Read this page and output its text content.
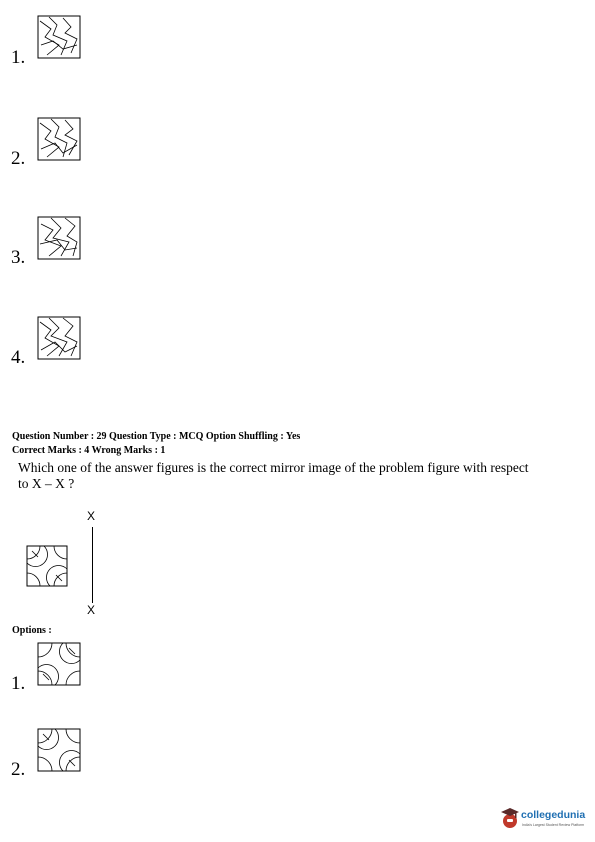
1.
2.
3.
4.
Question Number : 29 Question Type : MCQ Option Shuffling : Yes
Correct Marks : 4 Wrong Marks : 1
Which one of the answer figures is the correct mirror image of the problem figure with respect
to X – X ?
X
X
Options :
1.
2.
collegedunia
India's Largest Student Review Platform
